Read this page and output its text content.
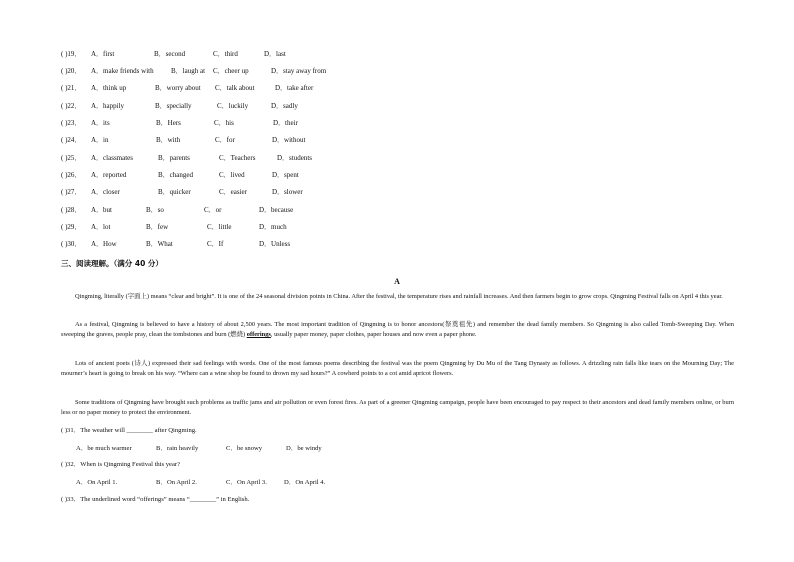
( )19． A．first	B．second	C．third	D．last
( )20． A．make friends with B．laugh at C．cheer up	D．stay away from
( )21． A．think up	B．worry about C．talk about	D．take after
( )22． A．happily	B．specially	C．luckily	D．sadly
( )23． A．its	B．Hers	C．his	D．their
( )24． A．in	B．with	C．for	D．without
( )25． A．classmates	B．parents	C．Teachers	D．students
( )26． A．reported	B．changed	C．lived	D．spent
( )27． A．closer	B．quicker	C．easier	D．slower
( )28． A．but	B．so	C．or	D．because
( )29． A．lot	B．few	C．little	D．much
( )30． A．How	B．What	C．If	D．Unless
三、阅读理解。（满分 40 分）
A
Qingming, literally (字面上) means “clear and bright”. It is one of the 24 seasonal division points in China. After the festival, the temperature rises and rainfall increases. And then farmers begin to grow crops. Qingming Festival falls on April 4 this year.
As a festival, Qingming is believed to have a history of about 2,500 years. The most important tradition of Qingming is to honor ancestors(祭奠祖先) and remember the dead family members. So Qingming is also called Tomb-Sweeping Day. When sweeping the graves, people pray, clean the tombstones and burn (燃烧) offerings, usually paper money, paper clothes, paper houses and now even a paper phone.
Lots of ancient poets (诗人) expressed their sad feelings with words. One of the most famous poems describing the festival was the poem Qingming by Du Mu of the Tang Dynasty as follows. A drizzling rain falls like tears on the Mourning Day; The mourner’s heart is going to break on his way. “Where can a wine shop be found to drown my sad hours?” A cowherd points to a cot amid apricot flowers.
Some traditions of Qingming have brought such problems as traffic jams and air pollution or even forest fires. As part of a greener Qingming campaign, people have been encouraged to pay respect to their ancestors and dead family members online, or burn less or no paper money to protect the environment.
( )31．The weather will ________ after Qingming.
A．be much warmer	B．rain heavily	C．be snowy	D．be windy
( )32．When is Qingming Festival this year?
A．On April 1.	B．On April 2.	C．On April 3.	D．On April 4.
( )33．The underlined word “offerings” means “________” in English.
